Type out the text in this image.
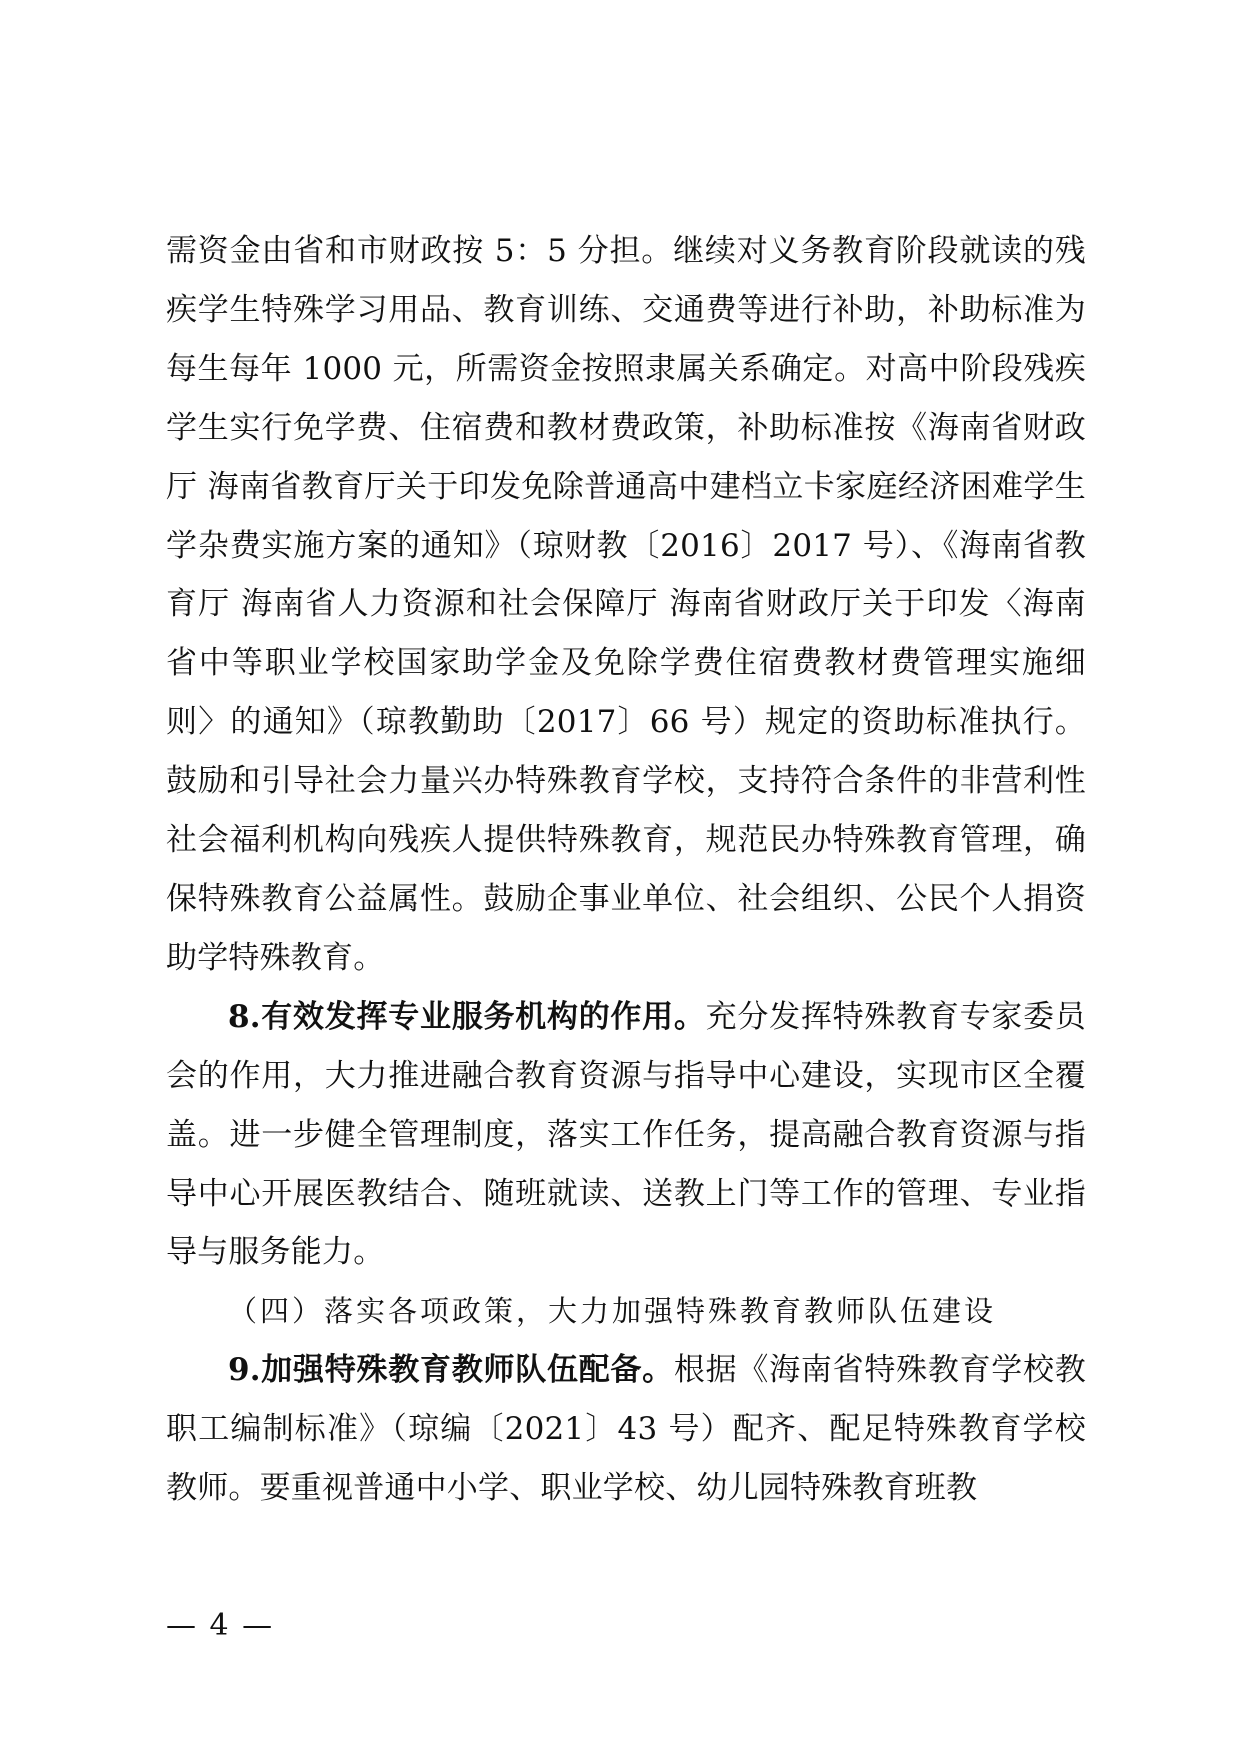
需资金由省和市财政按 5：5 分担。继续对义务教育阶段就读的残疾学生特殊学习用品、教育训练、交通费等进行补助，补助标准为每生每年 1000 元，所需资金按照隶属关系确定。对高中阶段残疾学生实行免学费、住宿费和教材费政策，补助标准按《海南省财政厅 海南省教育厅关于印发免除普通高中建档立卡家庭经济困难学生学杂费实施方案的通知》（琼财教〔2016〕2017 号）、《海南省教育厅 海南省人力资源和社会保障厅 海南省财政厅关于印发〈海南省中等职业学校国家助学金及免除学费住宿费教材费管理实施细则〉的通知》（琼教勤助〔2017〕66 号）规定的资助标准执行。鼓励和引导社会力量兴办特殊教育学校，支持符合条件的非营利性社会福利机构向残疾人提供特殊教育，规范民办特殊教育管理，确保特殊教育公益属性。鼓励企事业单位、社会组织、公民个人捐资助学特殊教育。

8.有效发挥专业服务机构的作用。充分发挥特殊教育专家委员会的作用，大力推进融合教育资源与指导中心建设，实现市区全覆盖。进一步健全管理制度，落实工作任务，提高融合教育资源与指导中心开展医教结合、随班就读、送教上门等工作的管理、专业指导与服务能力。

（四）落实各项政策，大力加强特殊教育教师队伍建设

9.加强特殊教育教师队伍配备。根据《海南省特殊教育学校教职工编制标准》（琼编〔2021〕43 号）配齐、配足特殊教育学校教师。要重视普通中小学、职业学校、幼儿园特殊教育班教

— 4 —
